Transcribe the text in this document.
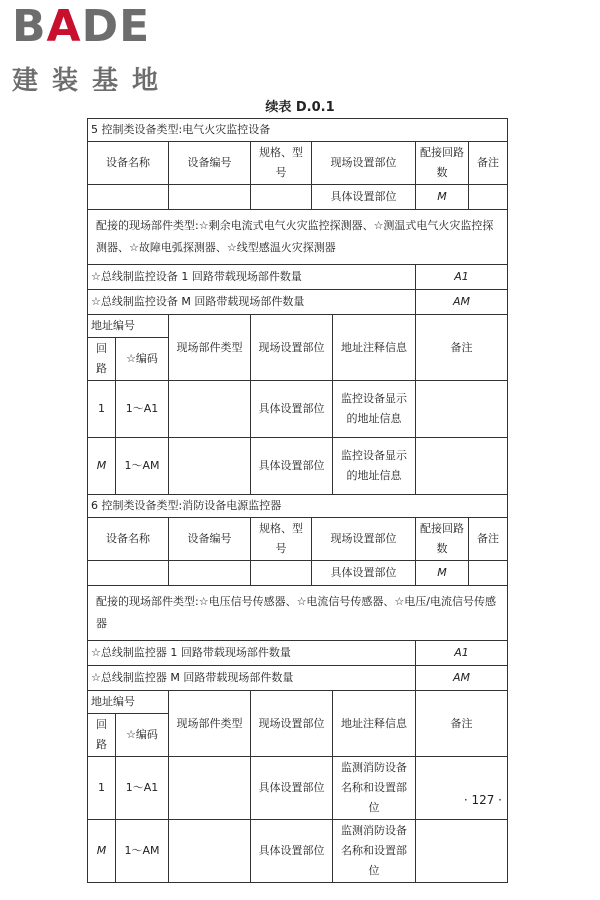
BADE
建装基地
续表 D.0.1
5 控制类设备类型:电气火灾监控设备							
设备名称		设备编号	规格、型号	现场设置部位		配接回路数	备注
				具体设置部位		M	
配接的现场部件类型:☆剩余电流式电气火灾监控探测器、☆测温式电气火灾监控探测器、☆故障电弧探测器、☆线型感温火灾探测器							
☆总线制监控设备 1 回路带载现场部件数量						A1	
☆总线制监控设备 M 回路带载现场部件数量						AM	
地址编号		现场部件类型	现场设置部位		地址注释信息	备注	
回路	☆编码						
1	1～A1		具体设置部位		监控设备显示的地址信息		
M	1～AM		具体设置部位		监控设备显示的地址信息		
6 控制类设备类型:消防设备电源监控器							
设备名称		设备编号	规格、型号	现场设置部位		配接回路数	备注
				具体设置部位		M	
配接的现场部件类型:☆电压信号传感器、☆电流信号传感器、☆电压/电流信号传感器							
☆总线制监控器 1 回路带载现场部件数量						A1	
☆总线制监控器 M 回路带载现场部件数量						AM	
地址编号		现场部件类型	现场设置部位		地址注释信息	备注	
回路	☆编码						
1	1～A1		具体设置部位		监测消防设备名称和设置部位		
M	1～AM		具体设置部位		监测消防设备名称和设置部位		
· 127 ·
